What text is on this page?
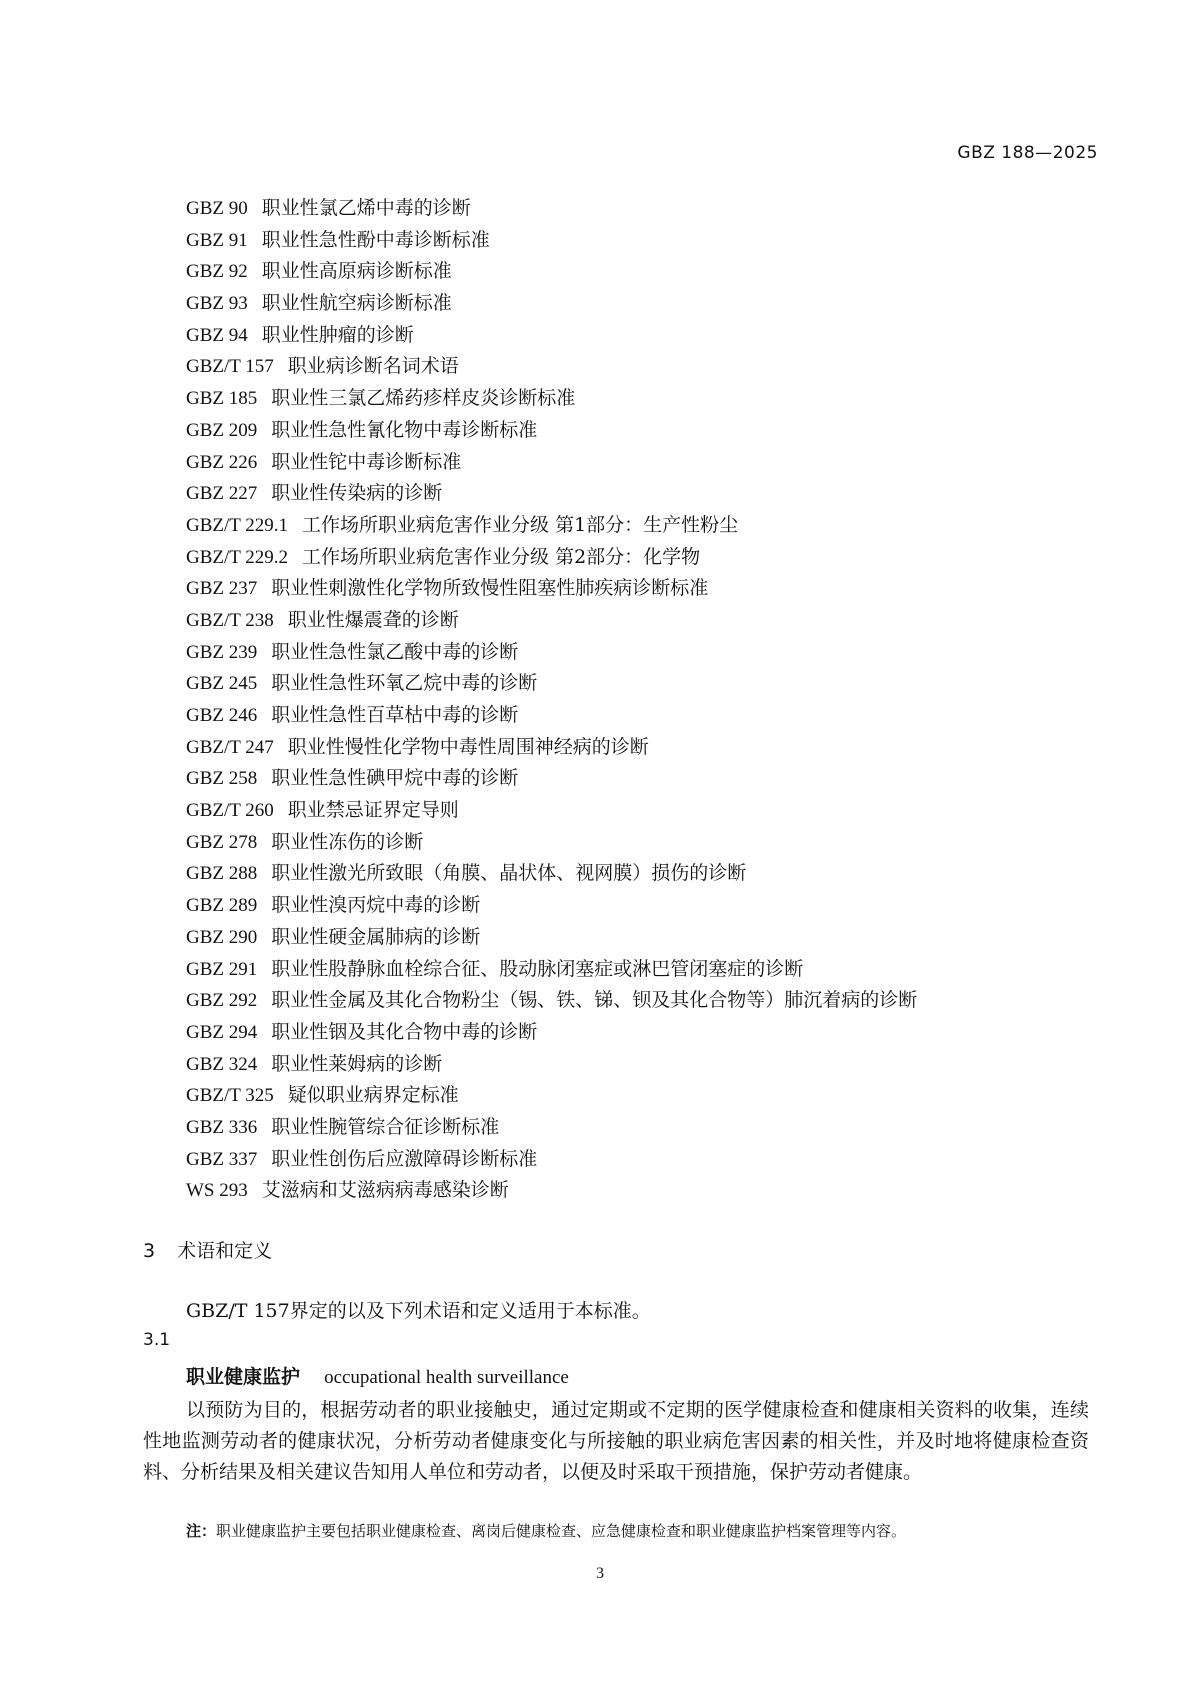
GBZ 188—2025
GBZ 90 职业性氯乙烯中毒的诊断
GBZ 91 职业性急性酚中毒诊断标准
GBZ 92 职业性高原病诊断标准
GBZ 93 职业性航空病诊断标准
GBZ 94 职业性肿瘤的诊断
GBZ/T 157 职业病诊断名词术语
GBZ 185 职业性三氯乙烯药疹样皮炎诊断标准
GBZ 209 职业性急性氰化物中毒诊断标准
GBZ 226 职业性铊中毒诊断标准
GBZ 227 职业性传染病的诊断
GBZ/T 229.1 工作场所职业病危害作业分级 第1部分：生产性粉尘
GBZ/T 229.2 工作场所职业病危害作业分级 第2部分：化学物
GBZ 237 职业性刺激性化学物所致慢性阻塞性肺疾病诊断标准
GBZ/T 238 职业性爆震聋的诊断
GBZ 239 职业性急性氯乙酸中毒的诊断
GBZ 245 职业性急性环氧乙烷中毒的诊断
GBZ 246 职业性急性百草枯中毒的诊断
GBZ/T 247 职业性慢性化学物中毒性周围神经病的诊断
GBZ 258 职业性急性碘甲烷中毒的诊断
GBZ/T 260 职业禁忌证界定导则
GBZ 278 职业性冻伤的诊断
GBZ 288 职业性激光所致眼（角膜、晶状体、视网膜）损伤的诊断
GBZ 289 职业性溴丙烷中毒的诊断
GBZ 290 职业性硬金属肺病的诊断
GBZ 291 职业性股静脉血栓综合征、股动脉闭塞症或淋巴管闭塞症的诊断
GBZ 292 职业性金属及其化合物粉尘（锡、铁、锑、钡及其化合物等）肺沉着病的诊断
GBZ 294 职业性铟及其化合物中毒的诊断
GBZ 324 职业性莱姆病的诊断
GBZ/T 325 疑似职业病界定标准
GBZ 336 职业性腕管综合征诊断标准
GBZ 337 职业性创伤后应激障碍诊断标准
WS 293 艾滋病和艾滋病病毒感染诊断
3 术语和定义
GBZ/T 157界定的以及下列术语和定义适用于本标准。
3.1
职业健康监护 occupational health surveillance
以预防为目的，根据劳动者的职业接触史，通过定期或不定期的医学健康检查和健康相关资料的收集，连续性地监测劳动者的健康状况，分析劳动者健康变化与所接触的职业病危害因素的相关性，并及时地将健康检查资料、分析结果及相关建议告知用人单位和劳动者，以便及时采取干预措施，保护劳动者健康。
注：职业健康监护主要包括职业健康检查、离岗后健康检查、应急健康检查和职业健康监护档案管理等内容。
3
